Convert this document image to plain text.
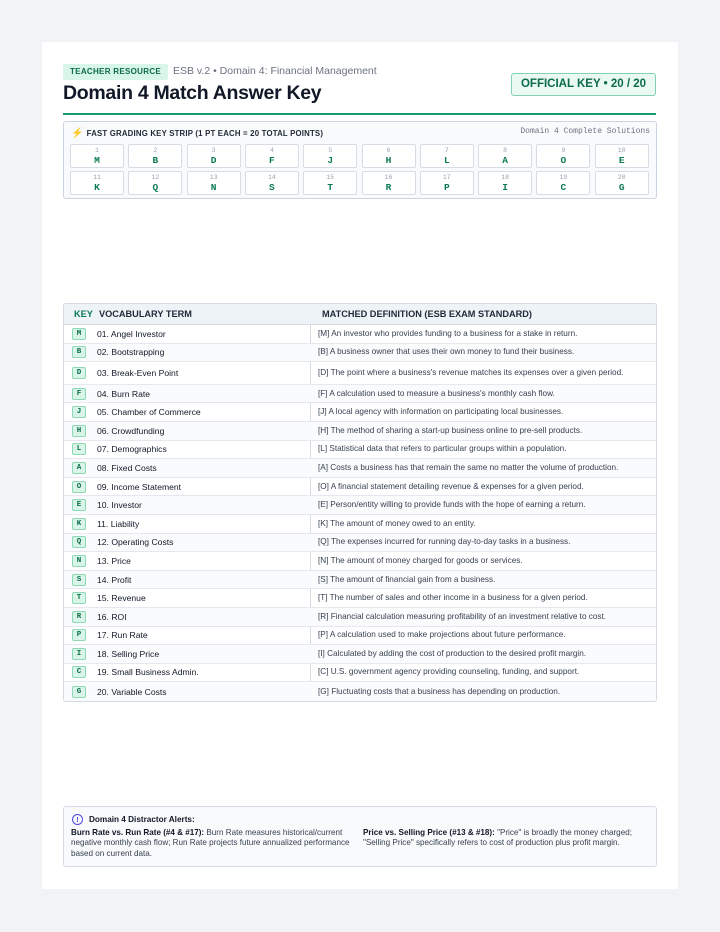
TEACHER RESOURCE	ESB v.2 • Domain 4: Financial Management
Domain 4 Match Answer Key	OFFICIAL KEY • 20 / 20
⚡ FAST GRADING KEY STRIP (1 PT EACH = 20 TOTAL POINTS)	Domain 4 Complete Solutions
1
M
2
B
3
D
4
F
5
J
6
H
7
L
8
A
9
O
10
E
11
K
12
Q
13
N
14
S
15
T
16
R
17
P
18
I
19
C
20
G
KEY VOCABULARY TERM	MATCHED DEFINITION (ESB EXAM STANDARD)
M	01. Angel Investor	[M] An investor who provides funding to a business for a stake in return.
B	02. Bootstrapping	[B] A business owner that uses their own money to fund their business.
D	03. Break-Even Point	[D] The point where a business's revenue matches its expenses over a given period.
F	04. Burn Rate	[F] A calculation used to measure a business's monthly cash flow.
J	05. Chamber of Commerce	[J] A local agency with information on participating local businesses.
H	06. Crowdfunding	[H] The method of sharing a start-up business online to pre-sell products.
L	07. Demographics	[L] Statistical data that refers to particular groups within a population.
A	08. Fixed Costs	[A] Costs a business has that remain the same no matter the volume of production.
O	09. Income Statement	[O] A financial statement detailing revenue & expenses for a given period.
E	10. Investor	[E] Person/entity willing to provide funds with the hope of earning a return.
K	11. Liability	[K] The amount of money owed to an entity.
Q	12. Operating Costs	[Q] The expenses incurred for running day-to-day tasks in a business.
N	13. Price	[N] The amount of money charged for goods or services.
S	14. Profit	[S] The amount of financial gain from a business.
T	15. Revenue	[T] The number of sales and other income in a business for a given period.
R	16. ROI	[R] Financial calculation measuring profitability of an investment relative to cost.
P	17. Run Rate	[P] A calculation used to make projections about future performance.
I	18. Selling Price	[I] Calculated by adding the cost of production to the desired profit margin.
C	19. Small Business Admin.	[C] U.S. government agency providing counseling, funding, and support.
G	20. Variable Costs	[G] Fluctuating costs that a business has depending on production.
!	Domain 4 Distractor Alerts:
Burn Rate vs. Run Rate (#4 & #17): Burn Rate measures historical/current negative monthly cash flow; Run Rate projects future annualized performance based on current data.
Price vs. Selling Price (#13 & #18): "Price" is broadly the money charged; "Selling Price" specifically refers to cost of production plus profit margin.
